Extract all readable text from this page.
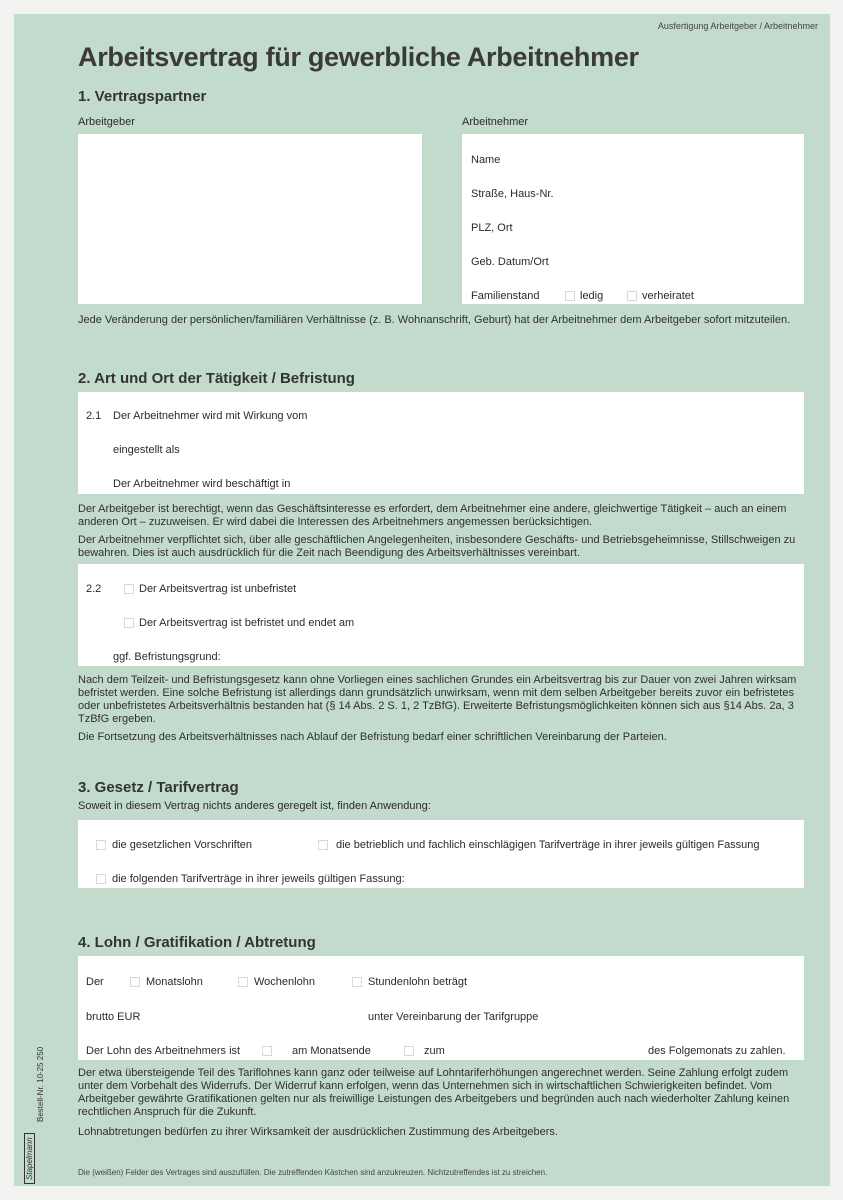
Ausfertigung Arbeitgeber / Arbeitnehmer
Arbeitsvertrag für gewerbliche Arbeitnehmer
1. Vertragspartner
Arbeitgeber	Arbeitnehmer
Name
Straße, Haus-Nr.
PLZ, Ort
Geb. Datum/Ort
Familienstand	ledig	verheiratet
Jede Veränderung der persönlichen/familiären Verhältnisse (z. B. Wohnanschrift, Geburt) hat der Arbeitnehmer dem Arbeitgeber sofort mitzuteilen.
2. Art und Ort der Tätigkeit / Befristung
2.1 Der Arbeitnehmer wird mit Wirkung vom
eingestellt als
Der Arbeitnehmer wird beschäftigt in
Der Arbeitgeber ist berechtigt, wenn das Geschäftsinteresse es erfordert, dem Arbeitnehmer eine andere, gleichwertige Tätigkeit – auch an einem anderen Ort – zuzuweisen. Er wird dabei die Interessen des Arbeitnehmers angemessen berücksichtigen.
Der Arbeitnehmer verpflichtet sich, über alle geschäftlichen Angelegenheiten, insbesondere Geschäfts- und Betriebsgeheimnisse, Stillschweigen zu bewahren. Dies ist auch ausdrücklich für die Zeit nach Beendigung des Arbeitsverhältnisses vereinbart.
2.2	Der Arbeitsvertrag ist unbefristet
Der Arbeitsvertrag ist befristet und endet am
ggf. Befristungsgrund:
Nach dem Teilzeit- und Befristungsgesetz kann ohne Vorliegen eines sachlichen Grundes ein Arbeitsvertrag bis zur Dauer von zwei Jahren wirksam befristet werden. Eine solche Befristung ist allerdings dann grundsätzlich unwirksam, wenn mit dem selben Arbeitgeber bereits zuvor ein befristetes oder unbefristetes Arbeitsverhältnis bestanden hat (§ 14 Abs. 2 S. 1, 2 TzBfG). Erweiterte Befristungsmöglichkeiten können sich aus §14 Abs. 2a, 3 TzBfG ergeben.
Die Fortsetzung des Arbeitsverhältnisses nach Ablauf der Befristung bedarf einer schriftlichen Vereinbarung der Parteien.
3. Gesetz / Tarifvertrag
Soweit in diesem Vertrag nichts anderes geregelt ist, finden Anwendung:
die gesetzlichen Vorschriften	die betrieblich und fachlich einschlägigen Tarifverträge in ihrer jeweils gültigen Fassung
die folgenden Tarifverträge in ihrer jeweils gültigen Fassung:
4. Lohn / Gratifikation / Abtretung
Der	Monatslohn	Wochenlohn	Stundenlohn beträgt
brutto EUR	unter Vereinbarung der Tarifgruppe
Der Lohn des Arbeitnehmers ist	am Monatsende	zum	des Folgemonats zu zahlen.
Der etwa übersteigende Teil des Tariflohnes kann ganz oder teilweise auf Lohntariferhöhungen angerechnet werden. Seine Zahlung erfolgt zudem unter dem Vorbehalt des Widerrufs. Der Widerruf kann erfolgen, wenn das Unternehmen sich in wirtschaftlichen Schwierigkeiten befindet. Vom Arbeitgeber gewährte Gratifikationen gelten nur als freiwillige Leistungen des Arbeitgebers und begründen auch nach wiederholter Zahlung keinen rechtlichen Anspruch für die Zukunft.
Lohnabtretungen bedürfen zu ihrer Wirksamkeit der ausdrücklichen Zustimmung des Arbeitgebers.
Die (weißen) Felder des Vertrages sind auszufüllen. Die zutreffenden Kästchen sind anzukreuzen. Nichtzutreffendes ist zu streichen.
Stapelmann
Bestell-Nr. 10-25 250
